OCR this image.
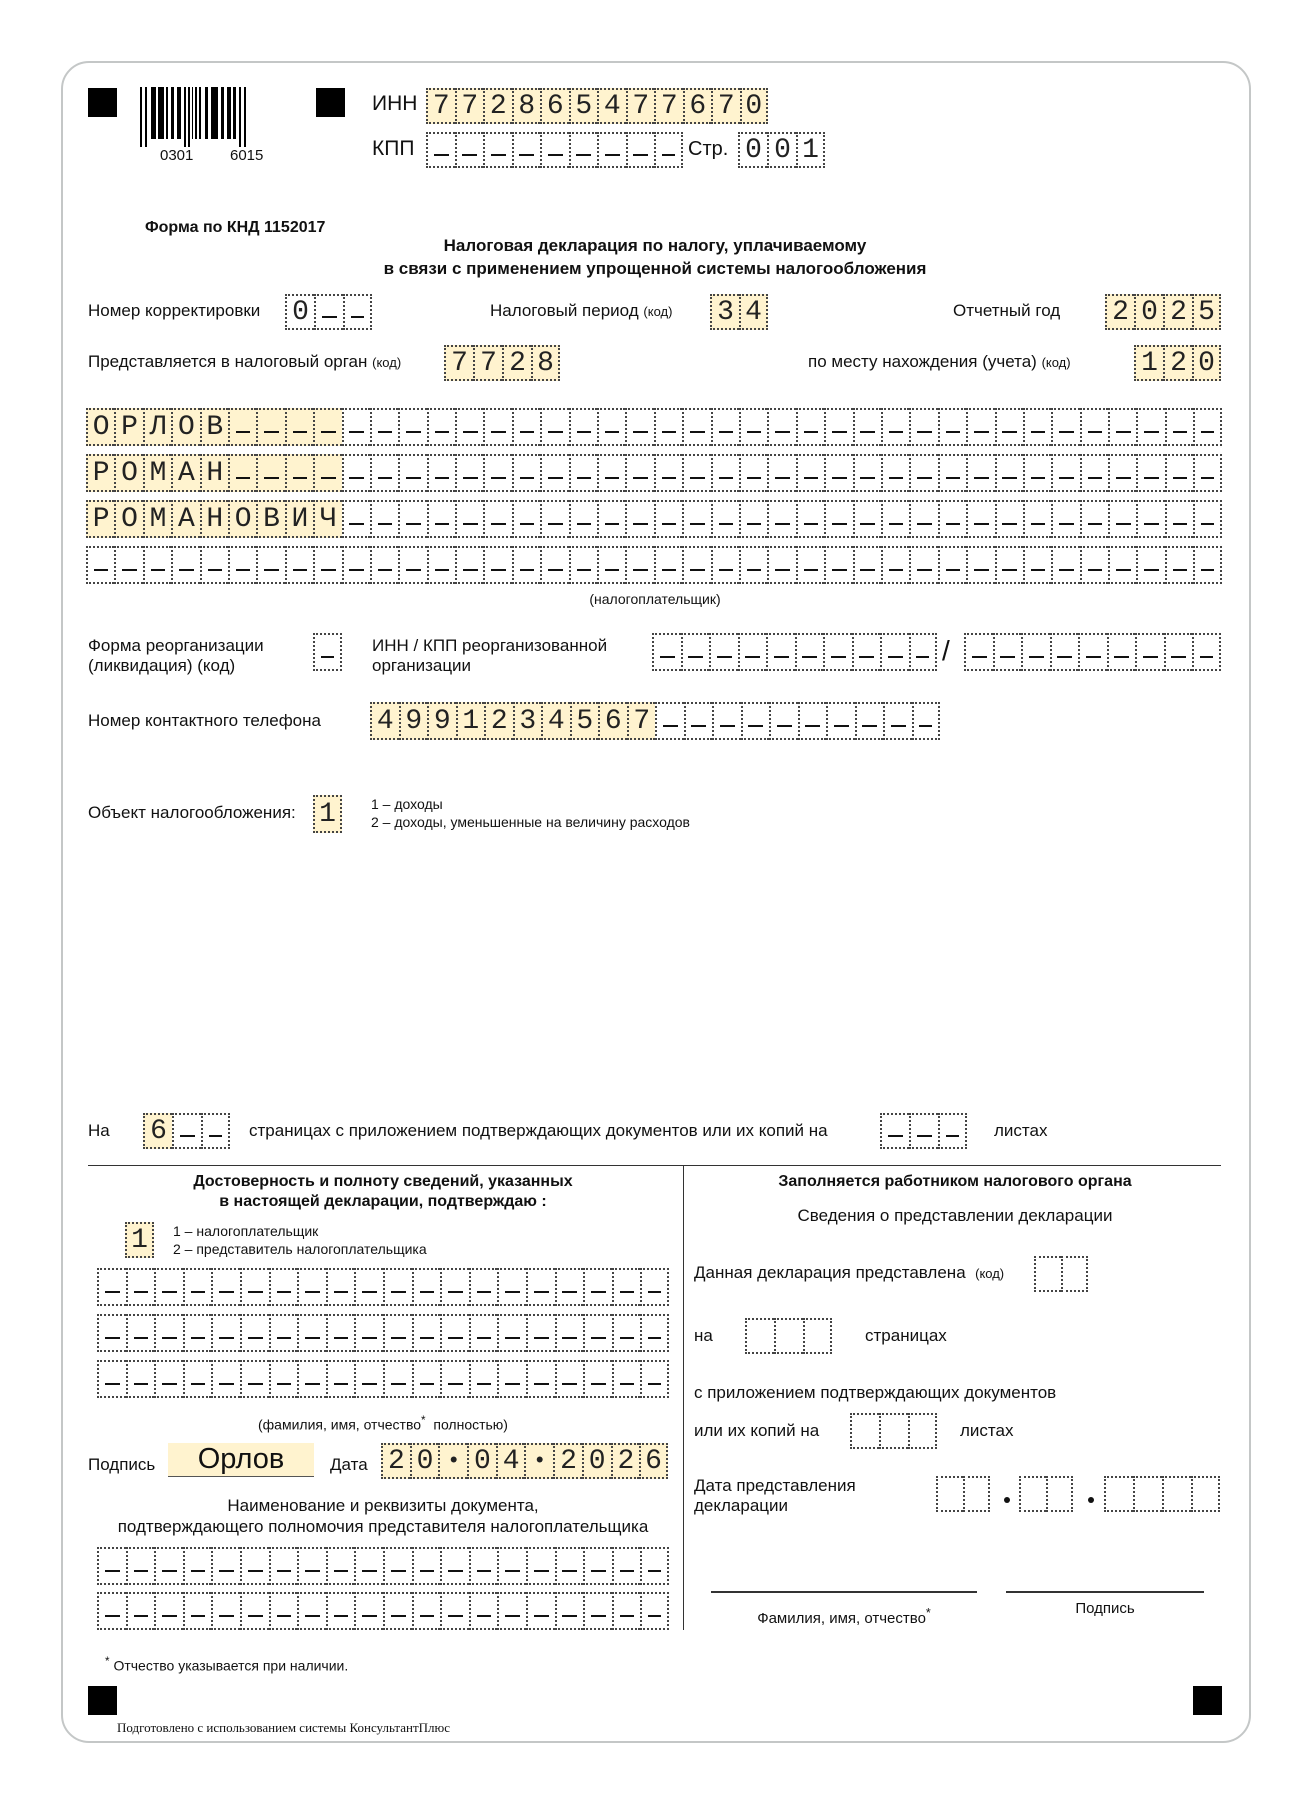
0301 6015
ИНН 7 7 2 8 6 5 4 7 7 6 7 0
КПП	Стр. 0 0 1
Форма по КНД 1152017
Налоговая декларация по налогу, уплачиваемому
в связи с применением упрощенной системы налогообложения
Номер корректировки 0	Налоговый период (код) 3 4	Отчетный год 2 0 2 5
Представляется в налоговый орган (код) 7 7 2 8	по месту нахождения (учета) (код)	1 2 0
О Р Л О В
Р О М А Н
Р О М А Н О В И Ч
(налогоплательщик)
Форма реорганизации
(ликвидация) (код)
ИНН / КПП реорганизованной
организации	/
Номер контактного телефона 4 9 9 1 2 3 4 5 6 7
Объект налогообложения: 1	1 – доходы
2 – доходы, уменьшенные на величину расходов
На 6	страницах с приложением подтверждающих документов или их копий на	листах
Достоверность и полноту сведений, указанных
в настоящей декларации, подтверждаю :
1	1 – налогоплательщик
2 – представитель налогоплательщика
(фамилия, имя, отчество* полностью)
Подпись	Орлов	Дата 2 0 • 0 4 • 2 0 2 6
Наименование и реквизиты документа,
подтверждающего полномочия представителя налогоплательщика
Заполняется работником налогового органа
Сведения о представлении декларации
Данная декларация представлена (код)
на	страницах
с приложением подтверждающих документов
или их копий на	листах
Дата представления
декларации
Фамилия, имя, отчество*	Подпись
* Отчество указывается при наличии.
Подготовлено с использованием системы КонсультантПлюс
